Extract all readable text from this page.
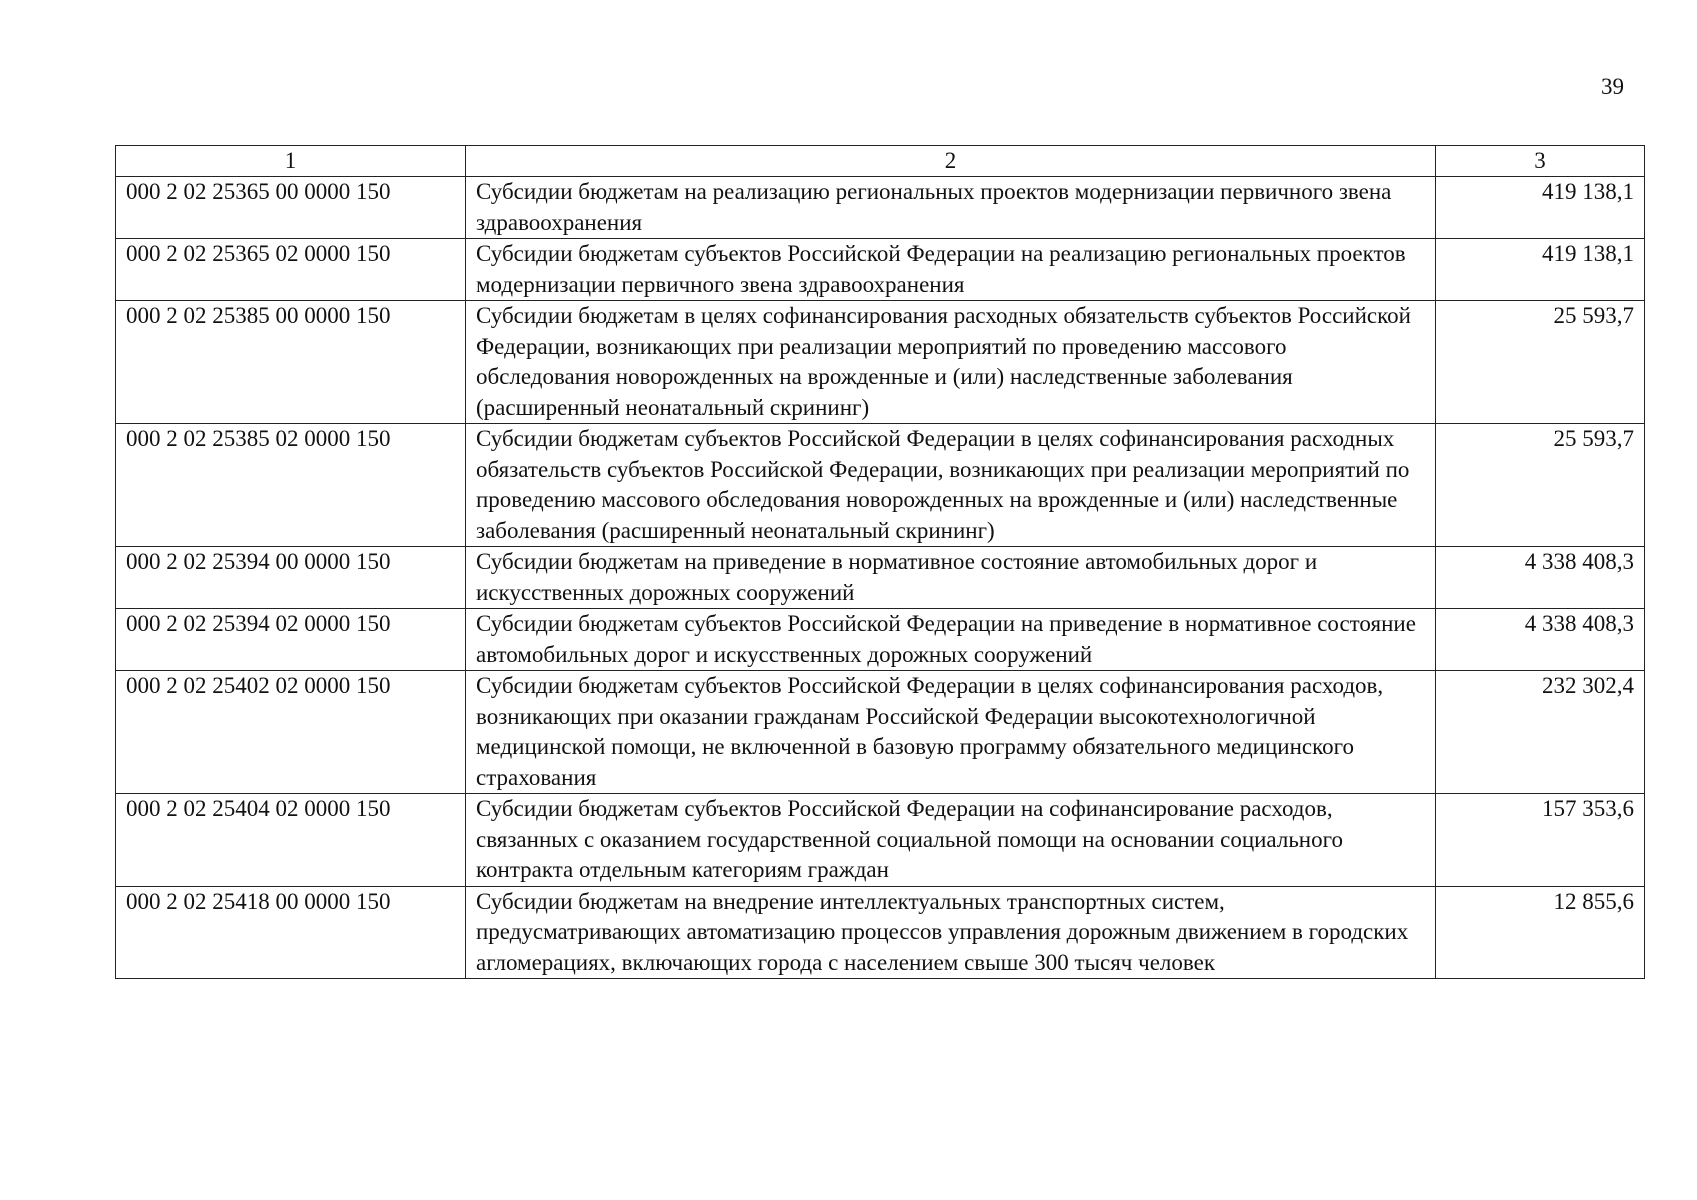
39
1	2	3
000 2 02 25365 00 0000 150	Субсидии бюджетам на реализацию региональных проектов модернизации первичного звена здравоохранения	419 138,1
000 2 02 25365 02 0000 150	Субсидии бюджетам субъектов Российской Федерации на реализацию региональных проектов модернизации первичного звена здравоохранения	419 138,1
000 2 02 25385 00 0000 150	Субсидии бюджетам в целях софинансирования расходных обязательств субъектов Российской Федерации, возникающих при реализации мероприятий по проведению массового обследования новорожденных на врожденные и (или) наследственные заболевания (расширенный неонатальный скрининг)	25 593,7
000 2 02 25385 02 0000 150	Субсидии бюджетам субъектов Российской Федерации в целях софинансирования расходных обязательств субъектов Российской Федерации, возникающих при реализации мероприятий по проведению массового обследования новорожденных на врожденные и (или) наследственные заболевания (расширенный неонатальный скрининг)	25 593,7
000 2 02 25394 00 0000 150	Субсидии бюджетам на приведение в нормативное состояние автомобильных дорог и искусственных дорожных сооружений	4 338 408,3
000 2 02 25394 02 0000 150	Субсидии бюджетам субъектов Российской Федерации на приведение в нормативное состояние автомобильных дорог и искусственных дорожных сооружений	4 338 408,3
000 2 02 25402 02 0000 150	Субсидии бюджетам субъектов Российской Федерации в целях софинансирования расходов, возникающих при оказании гражданам Российской Федерации высокотехнологичной медицинской помощи, не включенной в базовую программу обязательного медицинского страхования	232 302,4
000 2 02 25404 02 0000 150	Субсидии бюджетам субъектов Российской Федерации на софинансирование расходов, связанных с оказанием государственной социальной помощи на основании социального контракта отдельным категориям граждан	157 353,6
000 2 02 25418 00 0000 150	Субсидии бюджетам на внедрение интеллектуальных транспортных систем, предусматривающих автоматизацию процессов управления дорожным движением в городских агломерациях, включающих города с населением свыше 300 тысяч человек	12 855,6
